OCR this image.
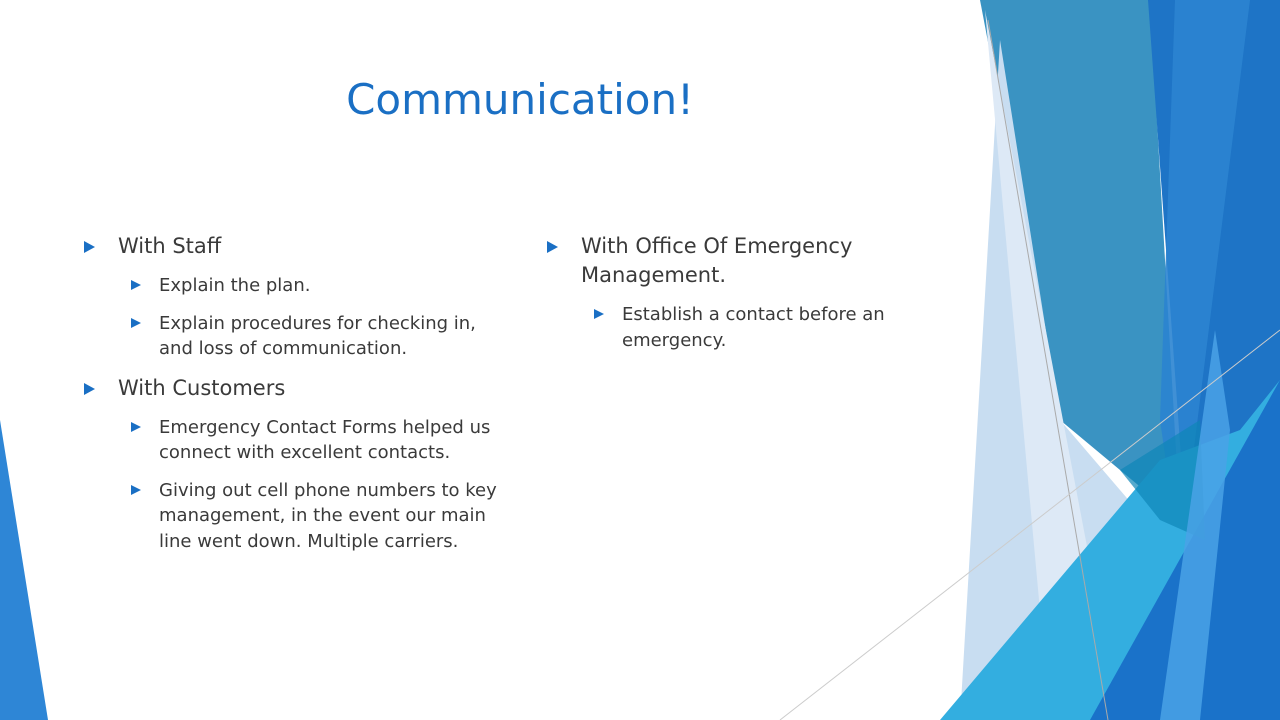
Communication!
With Staff
Explain the plan.
Explain procedures for checking in, and loss of communication.
With Customers
Emergency Contact Forms helped us connect with excellent contacts.
Giving out cell phone numbers to key management, in the event our main line went down. Multiple carriers.
With Office Of Emergency Management.
Establish a contact before an emergency.
